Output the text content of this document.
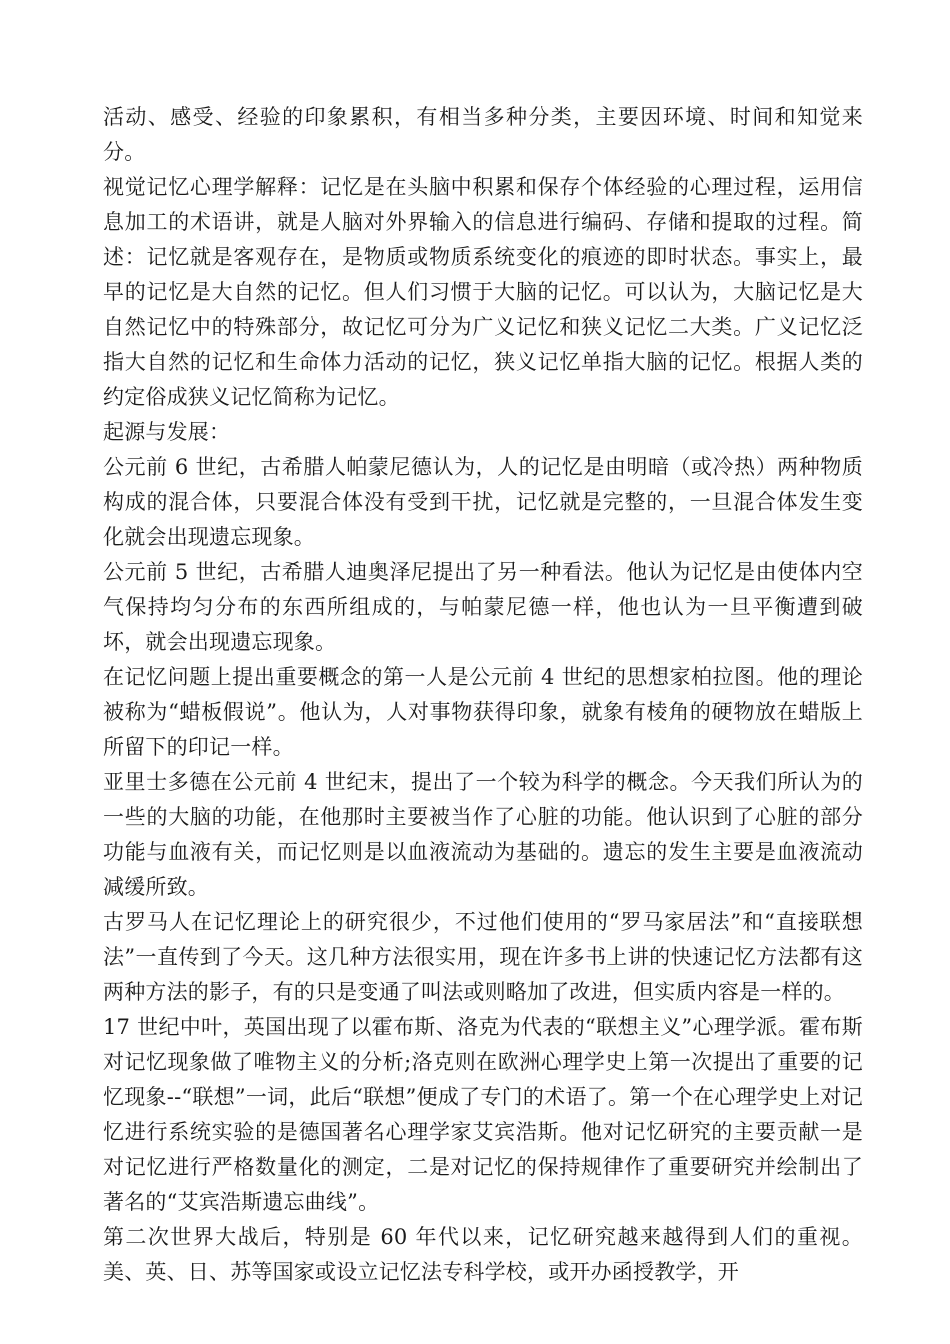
活动、感受、经验的印象累积，有相当多种分类，主要因环境、时间和知觉来分。

视觉记忆心理学解释：记忆是在头脑中积累和保存个体经验的心理过程，运用信息加工的术语讲，就是人脑对外界输入的信息进行编码、存储和提取的过程。简述：记忆就是客观存在，是物质或物质系统变化的痕迹的即时状态。事实上，最早的记忆是大自然的记忆。但人们习惯于大脑的记忆。可以认为，大脑记忆是大自然记忆中的特殊部分，故记忆可分为广义记忆和狭义记忆二大类。广义记忆泛指大自然的记忆和生命体力活动的记忆，狭义记忆单指大脑的记忆。根据人类的约定俗成狭义记忆简称为记忆。

起源与发展：

公元前 6 世纪，古希腊人帕蒙尼德认为，人的记忆是由明暗（或冷热）两种物质构成的混合体，只要混合体没有受到干扰，记忆就是完整的，一旦混合体发生变化就会出现遗忘现象。

公元前 5 世纪，古希腊人迪奥泽尼提出了另一种看法。他认为记忆是由使体内空气保持均匀分布的东西所组成的，与帕蒙尼德一样，他也认为一旦平衡遭到破坏，就会出现遗忘现象。

在记忆问题上提出重要概念的第一人是公元前 4 世纪的思想家柏拉图。他的理论被称为“蜡板假说”。他认为，人对事物获得印象，就象有棱角的硬物放在蜡版上所留下的印记一样。

亚里士多德在公元前 4 世纪末，提出了一个较为科学的概念。今天我们所认为的一些的大脑的功能，在他那时主要被当作了心脏的功能。他认识到了心脏的部分功能与血液有关，而记忆则是以血液流动为基础的。遗忘的发生主要是血液流动减缓所致。

古罗马人在记忆理论上的研究很少，不过他们使用的“罗马家居法”和“直接联想法”一直传到了今天。这几种方法很实用，现在许多书上讲的快速记忆方法都有这两种方法的影子，有的只是变通了叫法或则略加了改进，但实质内容是一样的。

17 世纪中叶，英国出现了以霍布斯、洛克为代表的“联想主义”心理学派。霍布斯对记忆现象做了唯物主义的分析;洛克则在欧洲心理学史上第一次提出了重要的记忆现象--“联想”一词，此后“联想”便成了专门的术语了。第一个在心理学史上对记忆进行系统实验的是德国著名心理学家艾宾浩斯。他对记忆研究的主要贡献一是对记忆进行严格数量化的测定，二是对记忆的保持规律作了重要研究并绘制出了著名的“艾宾浩斯遗忘曲线”。

第二次世界大战后，特别是 60 年代以来，记忆研究越来越得到人们的重视。美、英、日、苏等国家或设立记忆法专科学校，或开办函授教学，开
